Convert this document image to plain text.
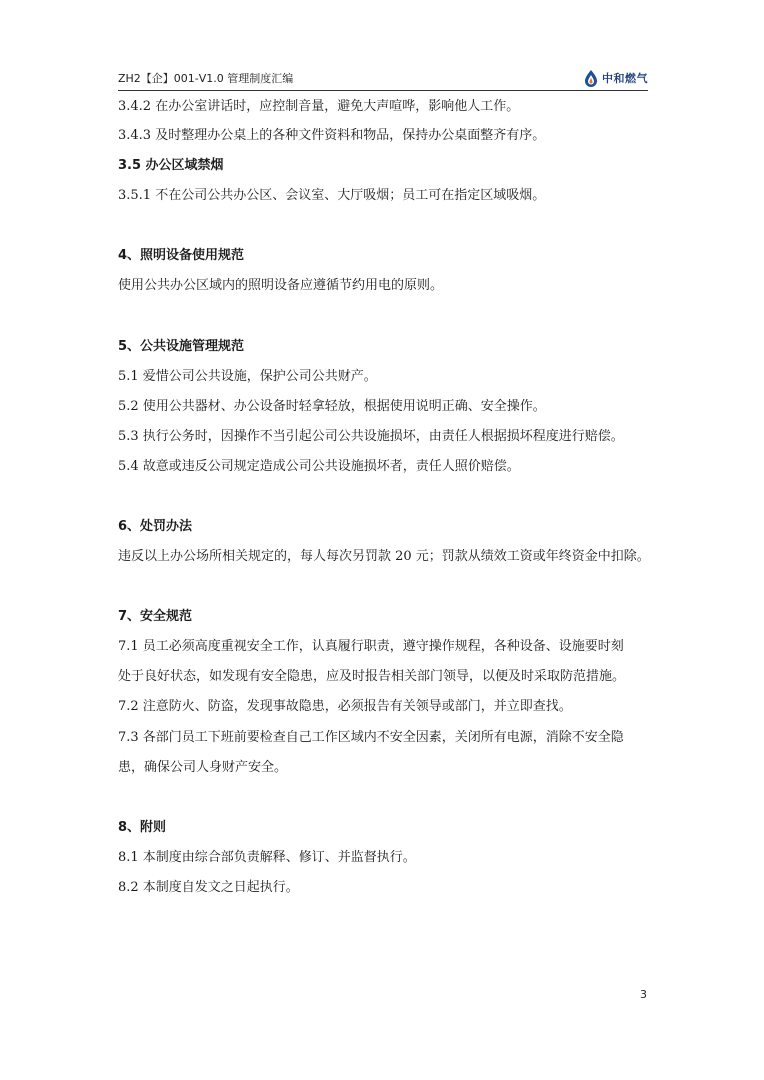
ZH2【企】001-V1.0 管理制度汇编	中和燃气
3.4.2 在办公室讲话时，应控制音量，避免大声喧哗，影响他人工作。
3.4.3 及时整理办公桌上的各种文件资料和物品，保持办公桌面整齐有序。
3.5 办公区域禁烟
3.5.1 不在公司公共办公区、会议室、大厅吸烟；员工可在指定区域吸烟。
4、照明设备使用规范
使用公共办公区域内的照明设备应遵循节约用电的原则。
5、公共设施管理规范
5.1 爱惜公司公共设施，保护公司公共财产。
5.2 使用公共器材、办公设备时轻拿轻放，根据使用说明正确、安全操作。
5.3 执行公务时，因操作不当引起公司公共设施损坏，由责任人根据损坏程度进行赔偿。
5.4 故意或违反公司规定造成公司公共设施损坏者，责任人照价赔偿。
6、处罚办法
违反以上办公场所相关规定的，每人每次另罚款 20 元；罚款从绩效工资或年终资金中扣除。
7、安全规范
7.1 员工必须高度重视安全工作，认真履行职责，遵守操作规程，各种设备、设施要时刻
处于良好状态，如发现有安全隐患，应及时报告相关部门领导，以便及时采取防范措施。
7.2 注意防火、防盗，发现事故隐患，必须报告有关领导或部门，并立即查找。
7.3 各部门员工下班前要检查自己工作区域内不安全因素，关闭所有电源，消除不安全隐
患，确保公司人身财产安全。
8、附则
8.1 本制度由综合部负责解释、修订、并监督执行。
8.2 本制度自发文之日起执行。
3
